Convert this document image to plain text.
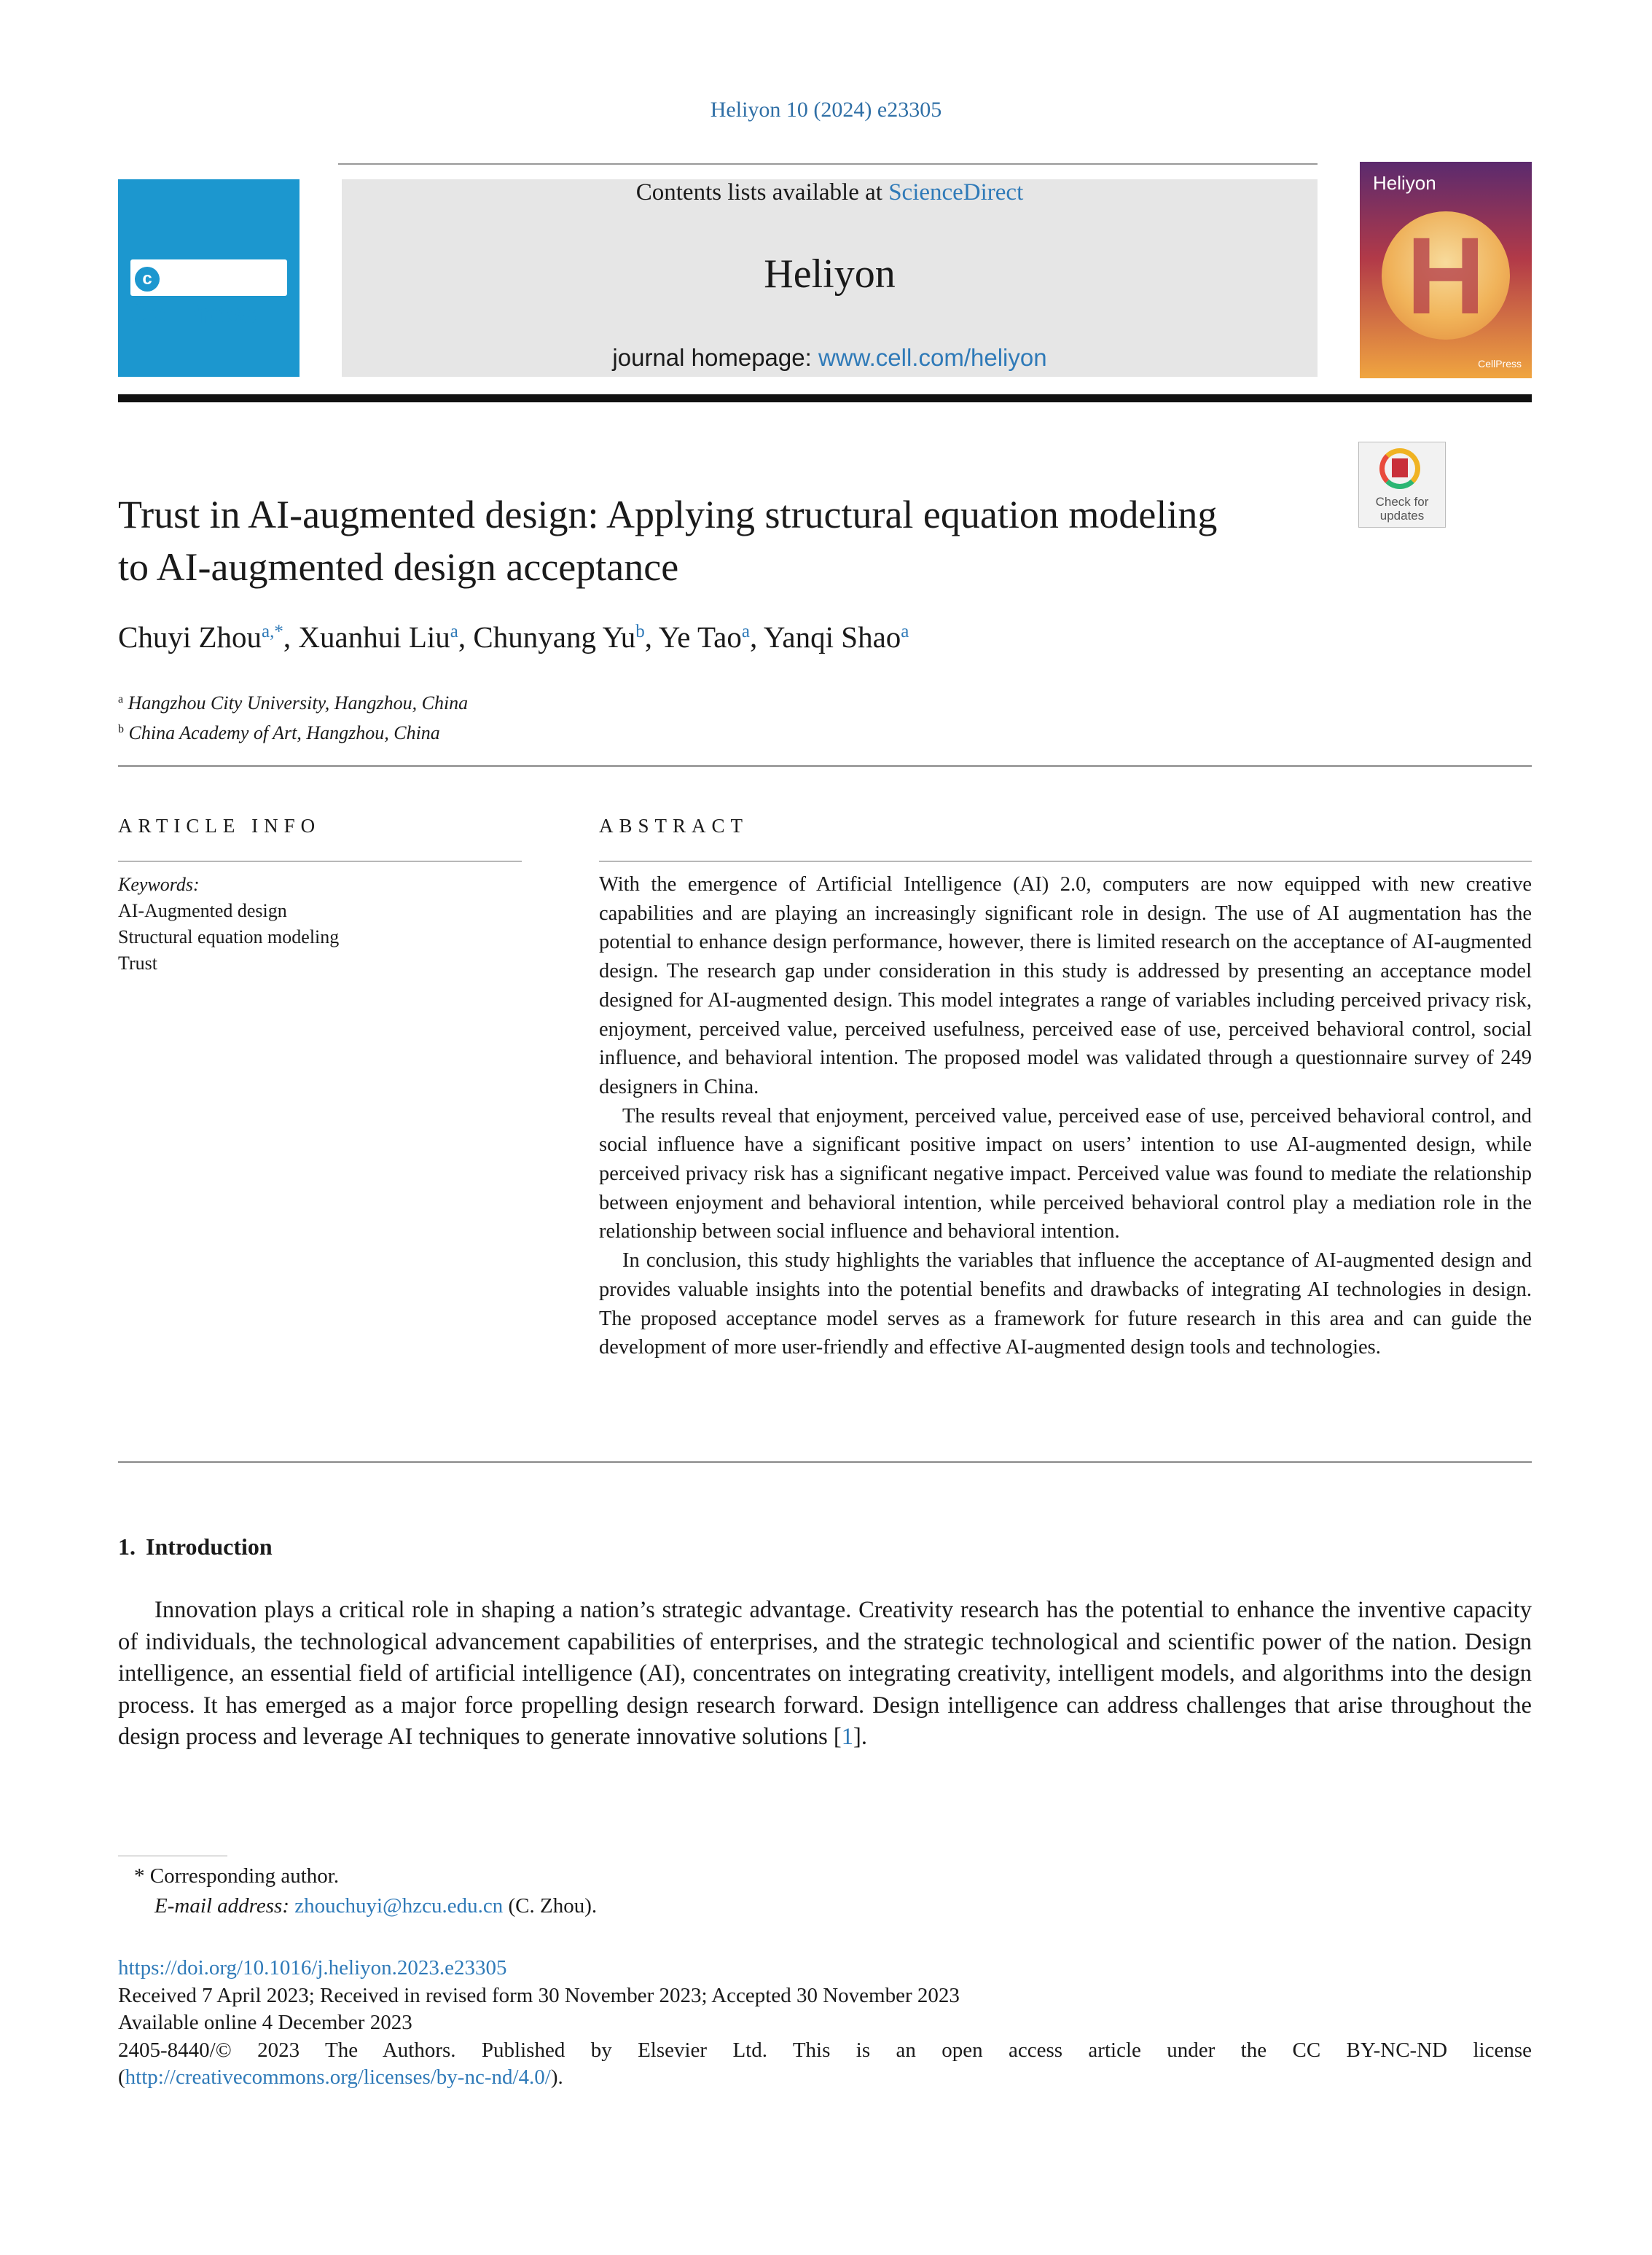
Heliyon 10 (2024) e23305
cCellPress
Contents lists available at ScienceDirect
Heliyon
journal homepage: www.cell.com/heliyon
Heliyon
H
CellPress
Check for
updates
Trust in AI-augmented design: Applying structural equation modeling to AI-augmented design acceptance
Chuyi Zhou$^{a,*}$, Xuanhui Liu$^a$, Chunyang Yu$^b$, Ye Tao$^a$, Yanqi Shao$^a$
$^a$ Hangzhou City University, Hangzhou, China
$^b$ China Academy of Art, Hangzhou, China
ARTICLE INFO
Keywords:
AI-Augmented design
Structural equation modeling
Trust
ABSTRACT

With the emergence of Artificial Intelligence (AI) 2.0, computers are now equipped with new creative capabilities and are playing an increasingly significant role in design. The use of AI augmentation has the potential to enhance design performance, however, there is limited research on the acceptance of AI-augmented design. The research gap under consideration in this study is addressed by presenting an acceptance model designed for AI-augmented design. This model integrates a range of variables including perceived privacy risk, enjoyment, perceived value, perceived usefulness, perceived ease of use, perceived behavioral control, social influence, and behavioral intention. The proposed model was validated through a questionnaire survey of 249 designers in China.

The results reveal that enjoyment, perceived value, perceived ease of use, perceived behavioral control, and social influence have a significant positive impact on users’ intention to use AI-augmented design, while perceived privacy risk has a significant negative impact. Perceived value was found to mediate the relationship between enjoyment and behavioral intention, while perceived behavioral control play a mediation role in the relationship between social influence and behavioral intention.

In conclusion, this study highlights the variables that influence the acceptance of AI-augmented design and provides valuable insights into the potential benefits and drawbacks of integrating AI technologies in design. The proposed acceptance model serves as a framework for future research in this area and can guide the development of more user-friendly and effective AI-augmented design tools and technologies.

1. Introduction

Innovation plays a critical role in shaping a nation’s strategic advantage. Creativity research has the potential to enhance the inventive capacity of individuals, the technological advancement capabilities of enterprises, and the strategic technological and scientific power of the nation. Design intelligence, an essential field of artificial intelligence (AI), concentrates on integrating creativity, intelligent models, and algorithms into the design process. It has emerged as a major force propelling design research forward. Design intelligence can address challenges that arise throughout the design process and leverage AI techniques to generate innovative solutions [1].

* Corresponding author.
E-mail address: zhouchuyi@hzcu.edu.cn (C. Zhou).
https://doi.org/10.1016/j.heliyon.2023.e23305
Received 7 April 2023; Received in revised form 30 November 2023; Accepted 30 November 2023
Available online 4 December 2023
2405-8440/© 2023 The Authors. Published by Elsevier Ltd. This is an open access article under the CC BY-NC-ND license
(http://creativecommons.org/licenses/by-nc-nd/4.0/).
